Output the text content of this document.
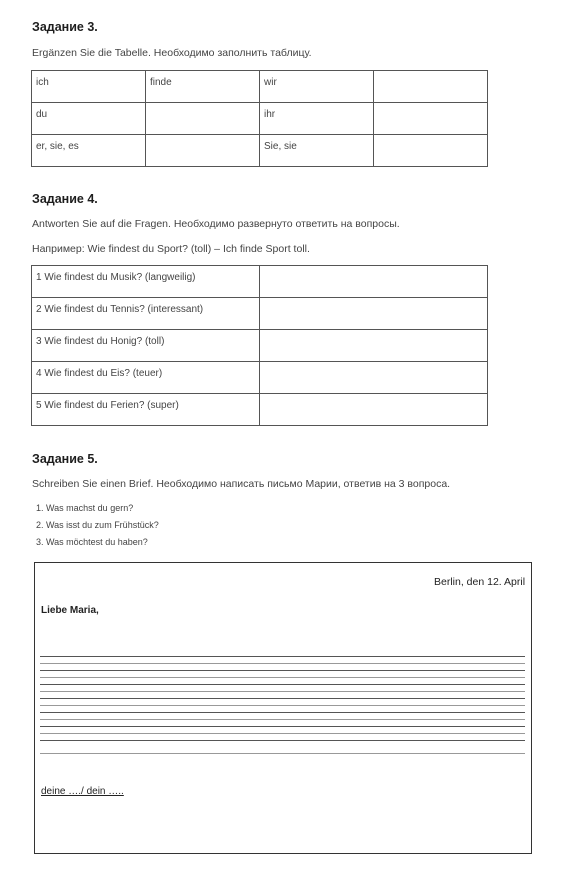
Задание 3.
Ergänzen Sie die Tabelle. Необходимо заполнить таблицу.
ich	finde	wir	
du		ihr	
er, sie, es		Sie, sie	
Задание 4.
Antworten Sie auf die Fragen. Необходимо развернуто ответить на вопросы.
Например: Wie findest du Sport? (toll) – Ich finde Sport toll.
1 Wie findest du Musik? (langweilig)	
2 Wie findest du Tennis? (interessant)	
3 Wie findest du Honig? (toll)	
4 Wie findest du Eis? (teuer)	
5 Wie findest du Ferien? (super)	
Задание 5.
Schreiben Sie einen Brief. Необходимо написать письмо Марии, ответив на 3 вопроса.
1. Was machst du gern?
2. Was isst du zum Frühstück?
3. Was möchtest du haben?
Berlin, den 12. April
Liebe Maria,
deine …./ dein …..
